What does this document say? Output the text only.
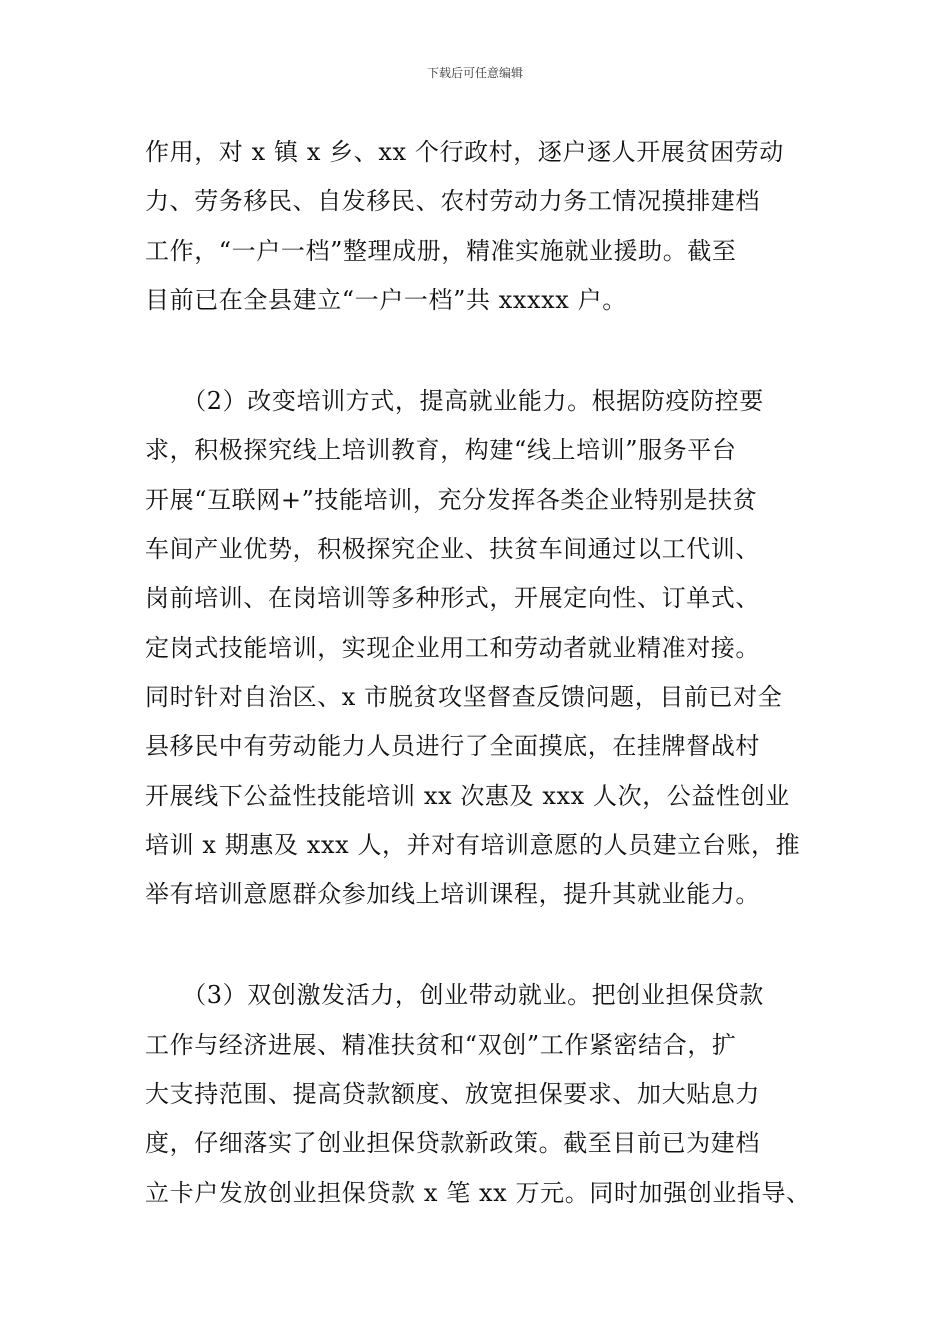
下载后可任意编辑
作用，对 x 镇 x 乡、xx 个行政村，逐户逐人开展贫困劳动
力、劳务移民、自发移民、农村劳动力务工情况摸排建档
工作，“一户一档”整理成册，精准实施就业援助。截至
目前已在全县建立“一户一档”共 xxxxx 户。
　　（2）改变培训方式，提高就业能力。根据防疫防控要
求，积极探究线上培训教育，构建“线上培训”服务平台
开展“互联网+”技能培训，充分发挥各类企业特别是扶贫
车间产业优势，积极探究企业、扶贫车间通过以工代训、
岗前培训、在岗培训等多种形式，开展定向性、订单式、
定岗式技能培训，实现企业用工和劳动者就业精准对接。
同时针对自治区、x 市脱贫攻坚督查反馈问题，目前已对全
县移民中有劳动能力人员进行了全面摸底，在挂牌督战村
开展线下公益性技能培训 xx 次惠及 xxx 人次，公益性创业
培训 x 期惠及 xxx 人，并对有培训意愿的人员建立台账，推
举有培训意愿群众参加线上培训课程，提升其就业能力。
　　（3）双创激发活力，创业带动就业。把创业担保贷款
工作与经济进展、精准扶贫和“双创”工作紧密结合，扩
大支持范围、提高贷款额度、放宽担保要求、加大贴息力
度，仔细落实了创业担保贷款新政策。截至目前已为建档
立卡户发放创业担保贷款 x 笔 xx 万元。同时加强创业指导、
